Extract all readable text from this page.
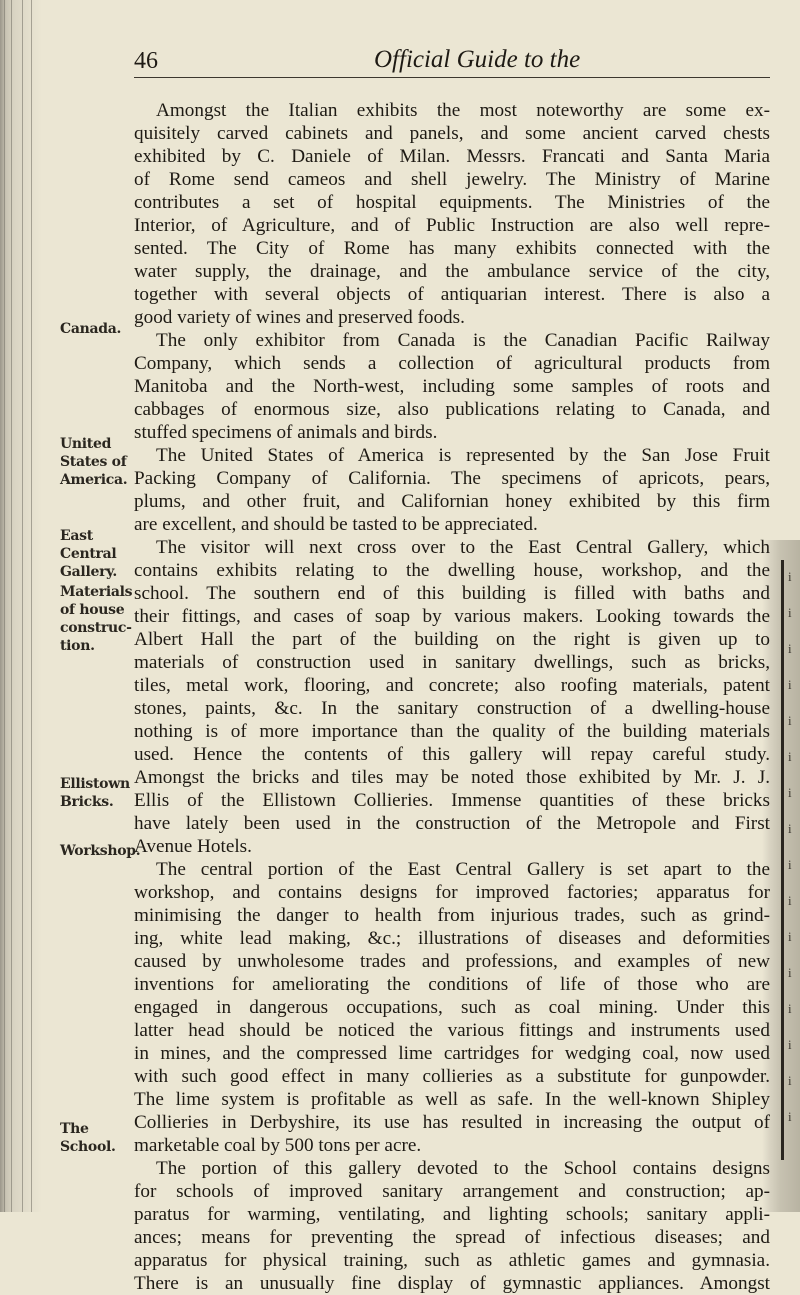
46	Official Guide to the
Canada.
United
States of
America.
East
Central
Gallery.
Materials
of house
construc-
tion.
Ellistown
Bricks.
Workshop.
The
School.
Amongst the Italian exhibits the most noteworthy are some ex-
quisitely carved cabinets and panels, and some ancient carved chests
exhibited by C. Daniele of Milan. Messrs. Francati and Santa Maria
of Rome send cameos and shell jewelry. The Ministry of Marine
contributes a set of hospital equipments. The Ministries of the
Interior, of Agriculture, and of Public Instruction are also well repre-
sented. The City of Rome has many exhibits connected with the
water supply, the drainage, and the ambulance service of the city,
together with several objects of antiquarian interest. There is also a
good variety of wines and preserved foods.
The only exhibitor from Canada is the Canadian Pacific Railway
Company, which sends a collection of agricultural products from
Manitoba and the North-west, including some samples of roots and
cabbages of enormous size, also publications relating to Canada, and
stuffed specimens of animals and birds.
The United States of America is represented by the San Jose Fruit
Packing Company of California. The specimens of apricots, pears,
plums, and other fruit, and Californian honey exhibited by this firm
are excellent, and should be tasted to be appreciated.
The visitor will next cross over to the East Central Gallery, which
contains exhibits relating to the dwelling house, workshop, and the
school. The southern end of this building is filled with baths and
their fittings, and cases of soap by various makers. Looking towards the
Albert Hall the part of the building on the right is given up to
materials of construction used in sanitary dwellings, such as bricks,
tiles, metal work, flooring, and concrete; also roofing materials, patent
stones, paints, &c. In the sanitary construction of a dwelling-house
nothing is of more importance than the quality of the building materials
used. Hence the contents of this gallery will repay careful study.
Amongst the bricks and tiles may be noted those exhibited by Mr. J. J.
Ellis of the Ellistown Collieries. Immense quantities of these bricks
have lately been used in the construction of the Metropole and First
Avenue Hotels.
The central portion of the East Central Gallery is set apart to the
workshop, and contains designs for improved factories; apparatus for
minimising the danger to health from injurious trades, such as grind-
ing, white lead making, &c.; illustrations of diseases and deformities
caused by unwholesome trades and professions, and examples of new
inventions for ameliorating the conditions of life of those who are
engaged in dangerous occupations, such as coal mining. Under this
latter head should be noticed the various fittings and instruments used
in mines, and the compressed lime cartridges for wedging coal, now used
with such good effect in many collieries as a substitute for gunpowder.
The lime system is profitable as well as safe. In the well-known Shipley
Collieries in Derbyshire, its use has resulted in increasing the output of
marketable coal by 500 tons per acre.
The portion of this gallery devoted to the School contains designs
for schools of improved sanitary arrangement and construction; ap-
paratus for warming, ventilating, and lighting schools; sanitary appli-
ances; means for preventing the spread of infectious diseases; and
apparatus for physical training, such as athletic games and gymnasia.
There is an unusually fine display of gymnastic appliances. Amongst
i
i
i
i
i
i
i
i
i
i
i
i
i
i
i
i
